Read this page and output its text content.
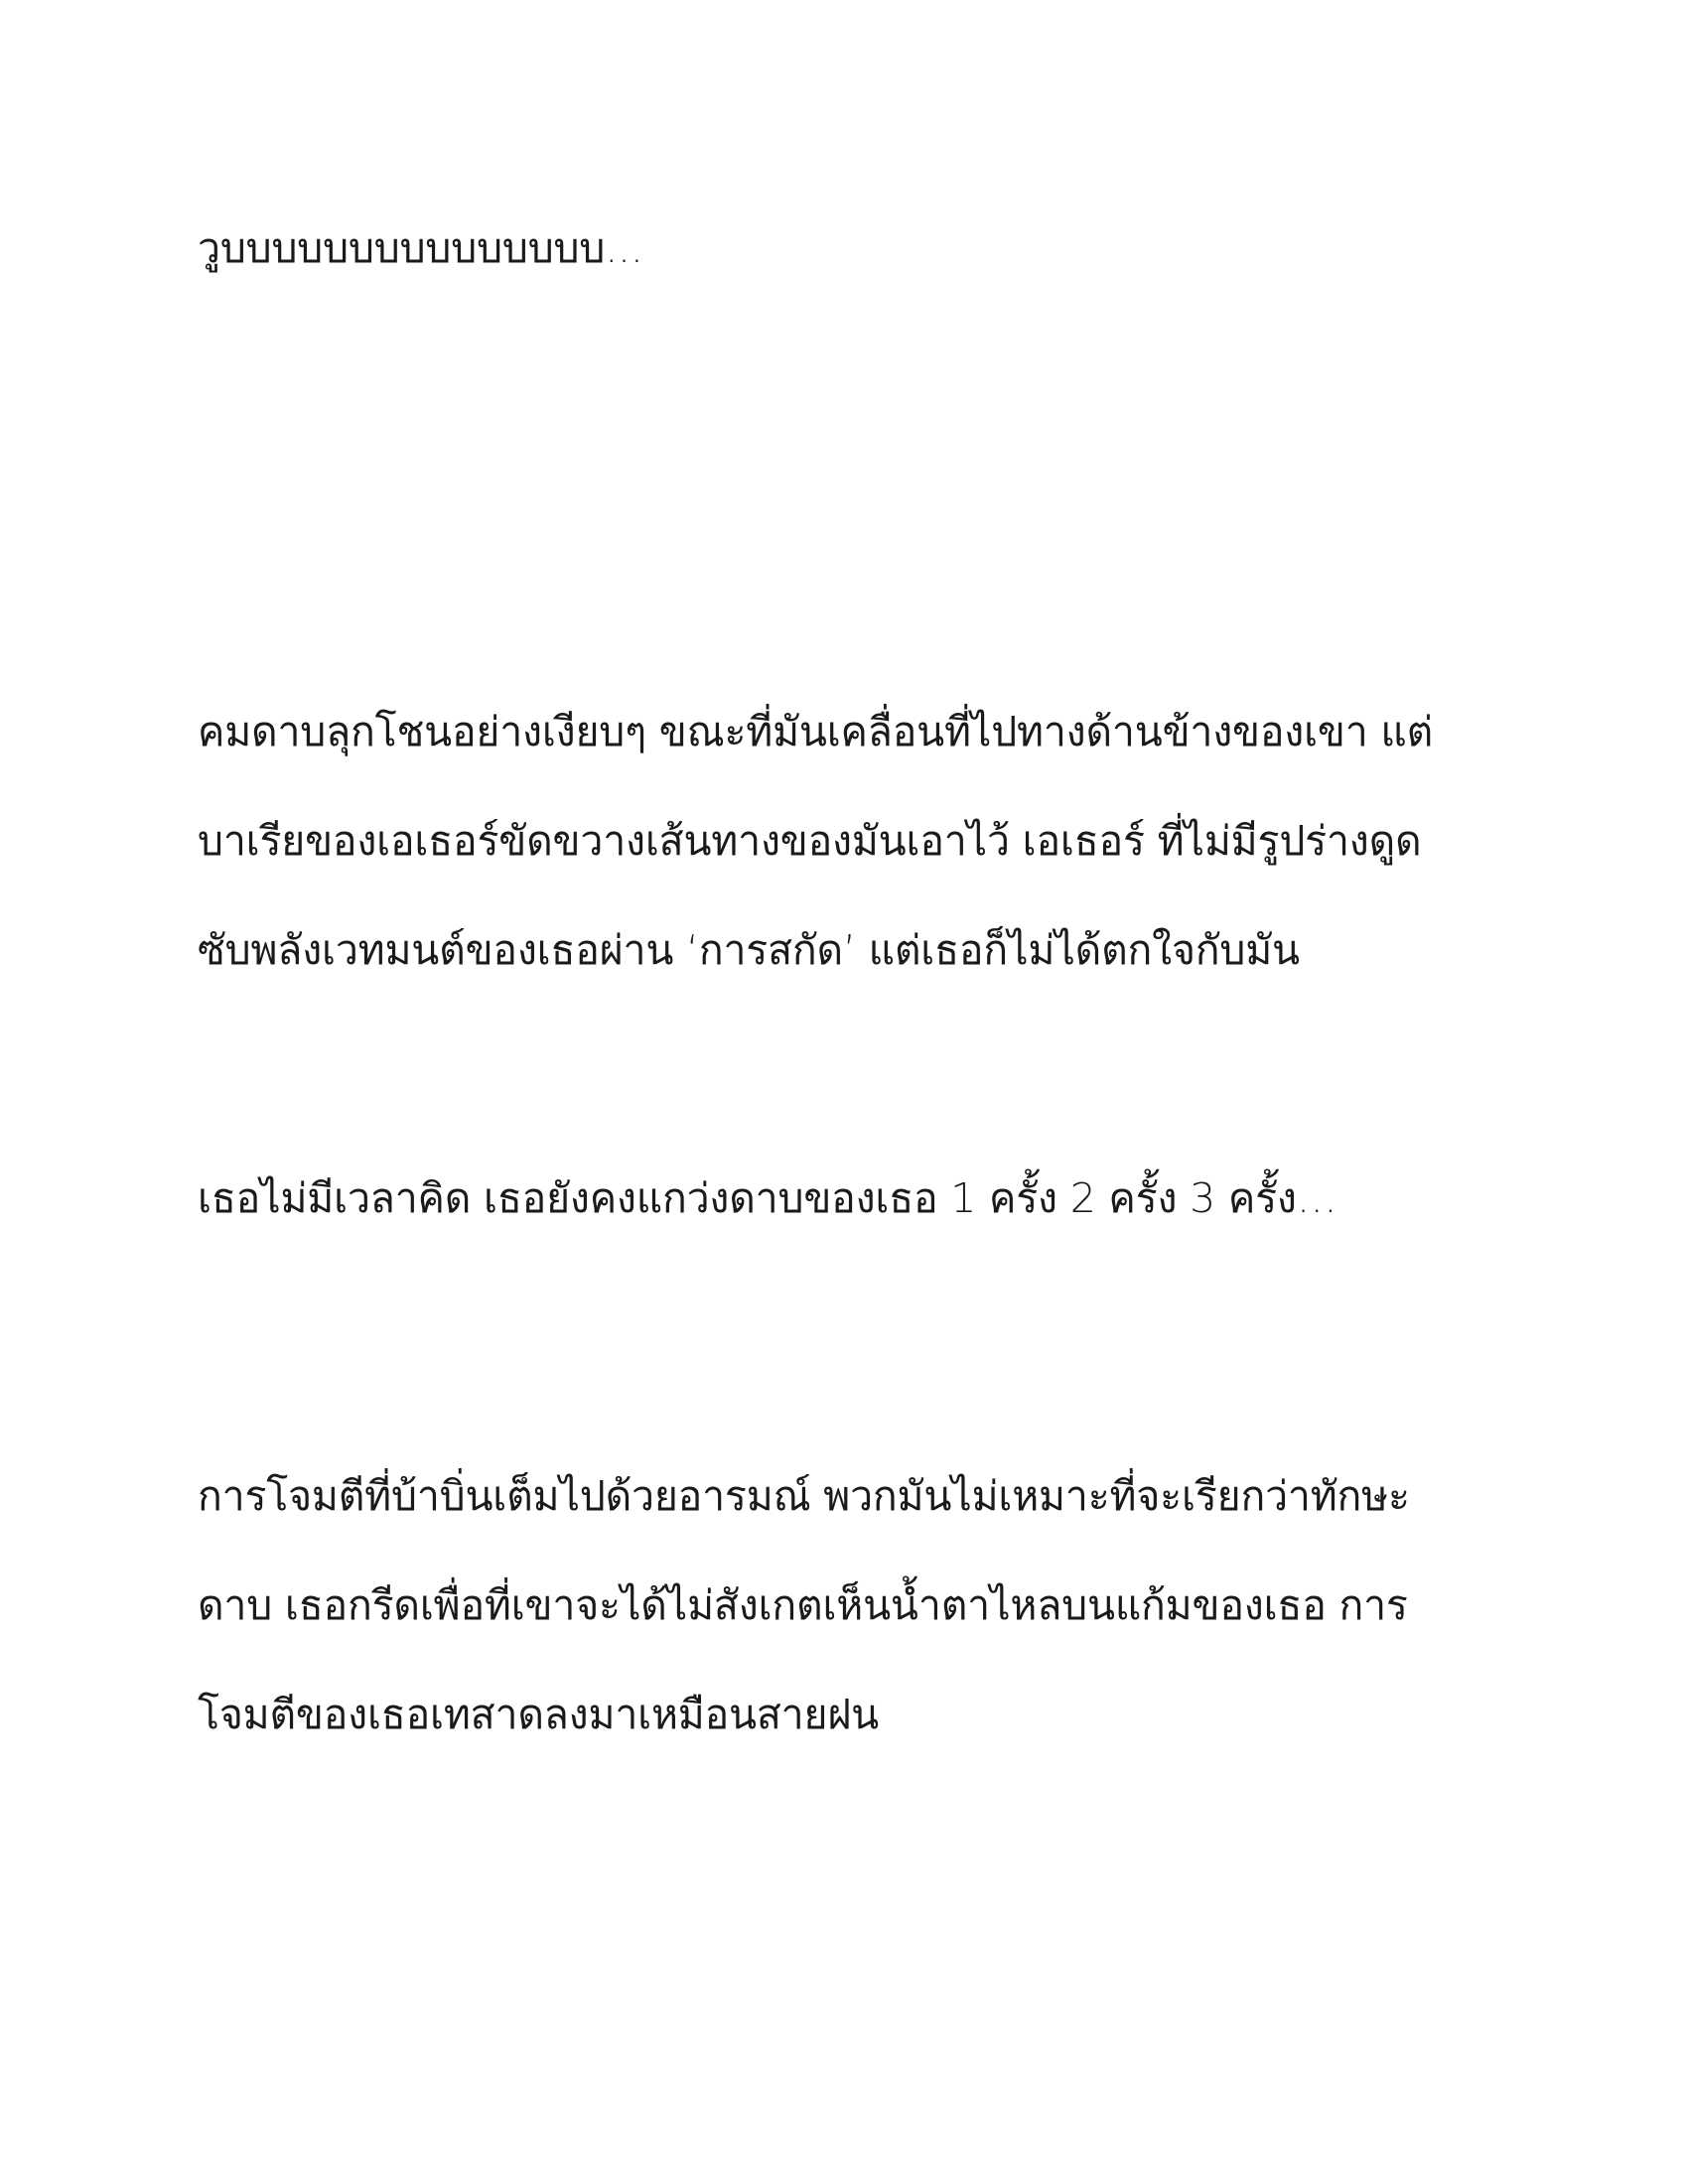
วูบบบบบบบบบบบบบบบ...

คมดาบลุกโชนอย่างเงียบๆ ขณะที่มันเคลื่อนที่ไปทางด้านข้างของเขา แต่
บาเรียของเอเธอร์ขัดขวางเส้นทางของมันเอาไว้ เอเธอร์ ที่ไม่มีรูปร่างดูด
ซับพลังเวทมนต์ของเธอผ่าน ‘การสกัด’ แต่เธอก็ไม่ได้ตกใจกับมัน

เธอไม่มีเวลาคิด เธอยังคงแกว่งดาบของเธอ 1 ครั้ง 2 ครั้ง 3 ครั้ง…

การโจมตีที่บ้าบิ่นเต็มไปด้วยอารมณ์ พวกมันไม่เหมาะที่จะเรียกว่าทักษะ
ดาบ เธอกรีดเพื่อที่เขาจะได้ไม่สังเกตเห็นน้ำตาไหลบนแก้มของเธอ การ
โจมตีของเธอเทสาดลงมาเหมือนสายฝน
